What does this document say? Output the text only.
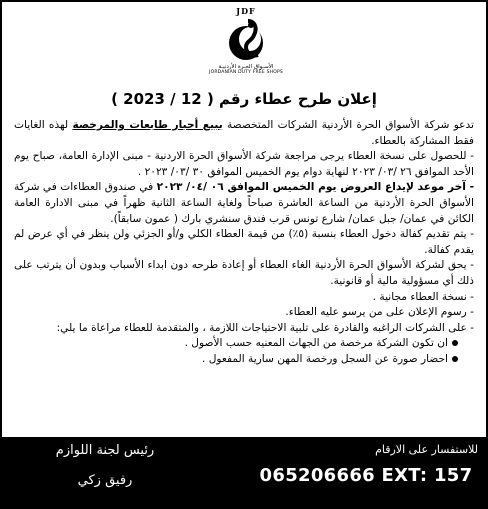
JDF
الأسـواق الحـرة الأردنيـة
JORDANIAN DUTY FREE SHOPS
إعلان طرح عطاء رقم ( 12 / 2023 )

تدعو شركة الأسواق الحرة الأردنية الشركات المتخصصة ببيع أحبار طابعات والمرخصة لهذه الغايات فقط المشاركة بالعطاء.

- للحصول على نسخة العطاء يرجى مراجعة شركة الأسواق الحرة الاردنية - مبنى الإدارة العامة، صباح يوم الأحد الموافق ٢٦ /٠٣/ ٢٠٢٣ لنهاية دوام يوم الخميس الموافق ٣٠ /٠٣/ ٢٠٢٣ .

- آخر موعد لإيداع العروض يوم الخميس الموافق ٠٦ /٠٤/ ٢٠٢٣ في صندوق العطاءات في شركة الأسواق الحرة الأردنية من الساعة العاشرة صباحاً ولغاية الساعة الثانية ظهراً في مبنى الادارة العامة الكائن في عمان/ جبل عمان/ شارع تونس قرب فندق سنشري بارك ( عمون سابقاً).

- يتم تقديم كفالة دخول العطاء بنسبة (٥٪) من قيمة العطاء الكلي و/أو الجزئي ولن ينظر في أي عرض لم يقدم كفالة.

- يحق لشركة الأسواق الحرة الأردنية الغاء العطاء أو إعادة طرحه دون ابداء الأسباب وبدون أن يترتب على ذلك أي مسؤولية مالية أو قانونية.

- نسخة العطاء مجانية .

- رسوم الإعلان على من يرسو عليه العطاء.

- على الشركات الراغبه والقادرة على تلبية الاحتياجات اللازمة ، والمتقدمة للعطاء مراعاة ما يلي:

ان تكون الشركة مرخصة من الجهات المعنيه حسب الأصول .
احضار صورة عن السجل ورخصة المهن سارية المفعول .
للاستفسار على الارقام
065206666 EXT: 157
رئيس لجنة اللوازم
رفيق زكي
